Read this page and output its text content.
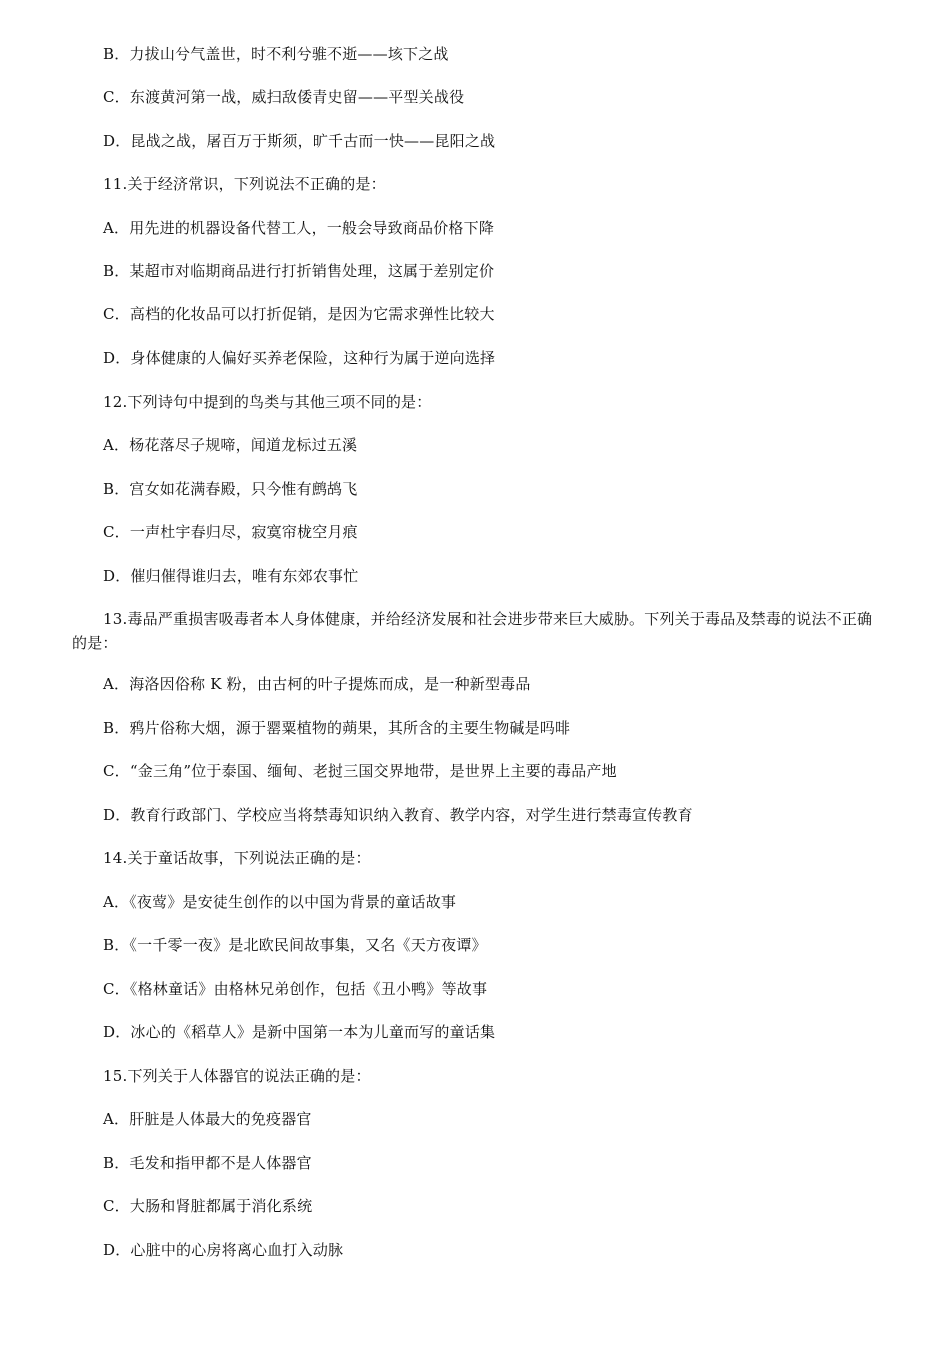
B．力拔山兮气盖世，时不利兮骓不逝——垓下之战
C．东渡黄河第一战，威扫敌倭青史留——平型关战役
D．昆战之战，屠百万于斯须，旷千古而一快——昆阳之战
11.关于经济常识，下列说法不正确的是：
A．用先进的机器设备代替工人，一般会导致商品价格下降
B．某超市对临期商品进行打折销售处理，这属于差别定价
C．高档的化妆品可以打折促销，是因为它需求弹性比较大
D．身体健康的人偏好买养老保险，这种行为属于逆向选择
12.下列诗句中提到的鸟类与其他三项不同的是：
A．杨花落尽子规啼，闻道龙标过五溪
B．宫女如花满春殿，只今惟有鹧鸪飞
C．一声杜宇春归尽，寂寞帘栊空月痕
D．催归催得谁归去，唯有东郊农事忙
13.毒品严重损害吸毒者本人身体健康，并给经济发展和社会进步带来巨大威胁。下列关于毒品及禁毒的说法不正确的是：
A．海洛因俗称 K 粉，由古柯的叶子提炼而成，是一种新型毒品
B．鸦片俗称大烟，源于罂粟植物的蒴果，其所含的主要生物碱是吗啡
C．“金三角”位于泰国、缅甸、老挝三国交界地带，是世界上主要的毒品产地
D．教育行政部门、学校应当将禁毒知识纳入教育、教学内容，对学生进行禁毒宣传教育
14.关于童话故事，下列说法正确的是：
A．《夜莺》是安徒生创作的以中国为背景的童话故事
B．《一千零一夜》是北欧民间故事集，又名《天方夜谭》
C．《格林童话》由格林兄弟创作，包括《丑小鸭》等故事
D．冰心的《稻草人》是新中国第一本为儿童而写的童话集
15.下列关于人体器官的说法正确的是：
A．肝脏是人体最大的免疫器官
B．毛发和指甲都不是人体器官
C．大肠和肾脏都属于消化系统
D．心脏中的心房将离心血打入动脉
